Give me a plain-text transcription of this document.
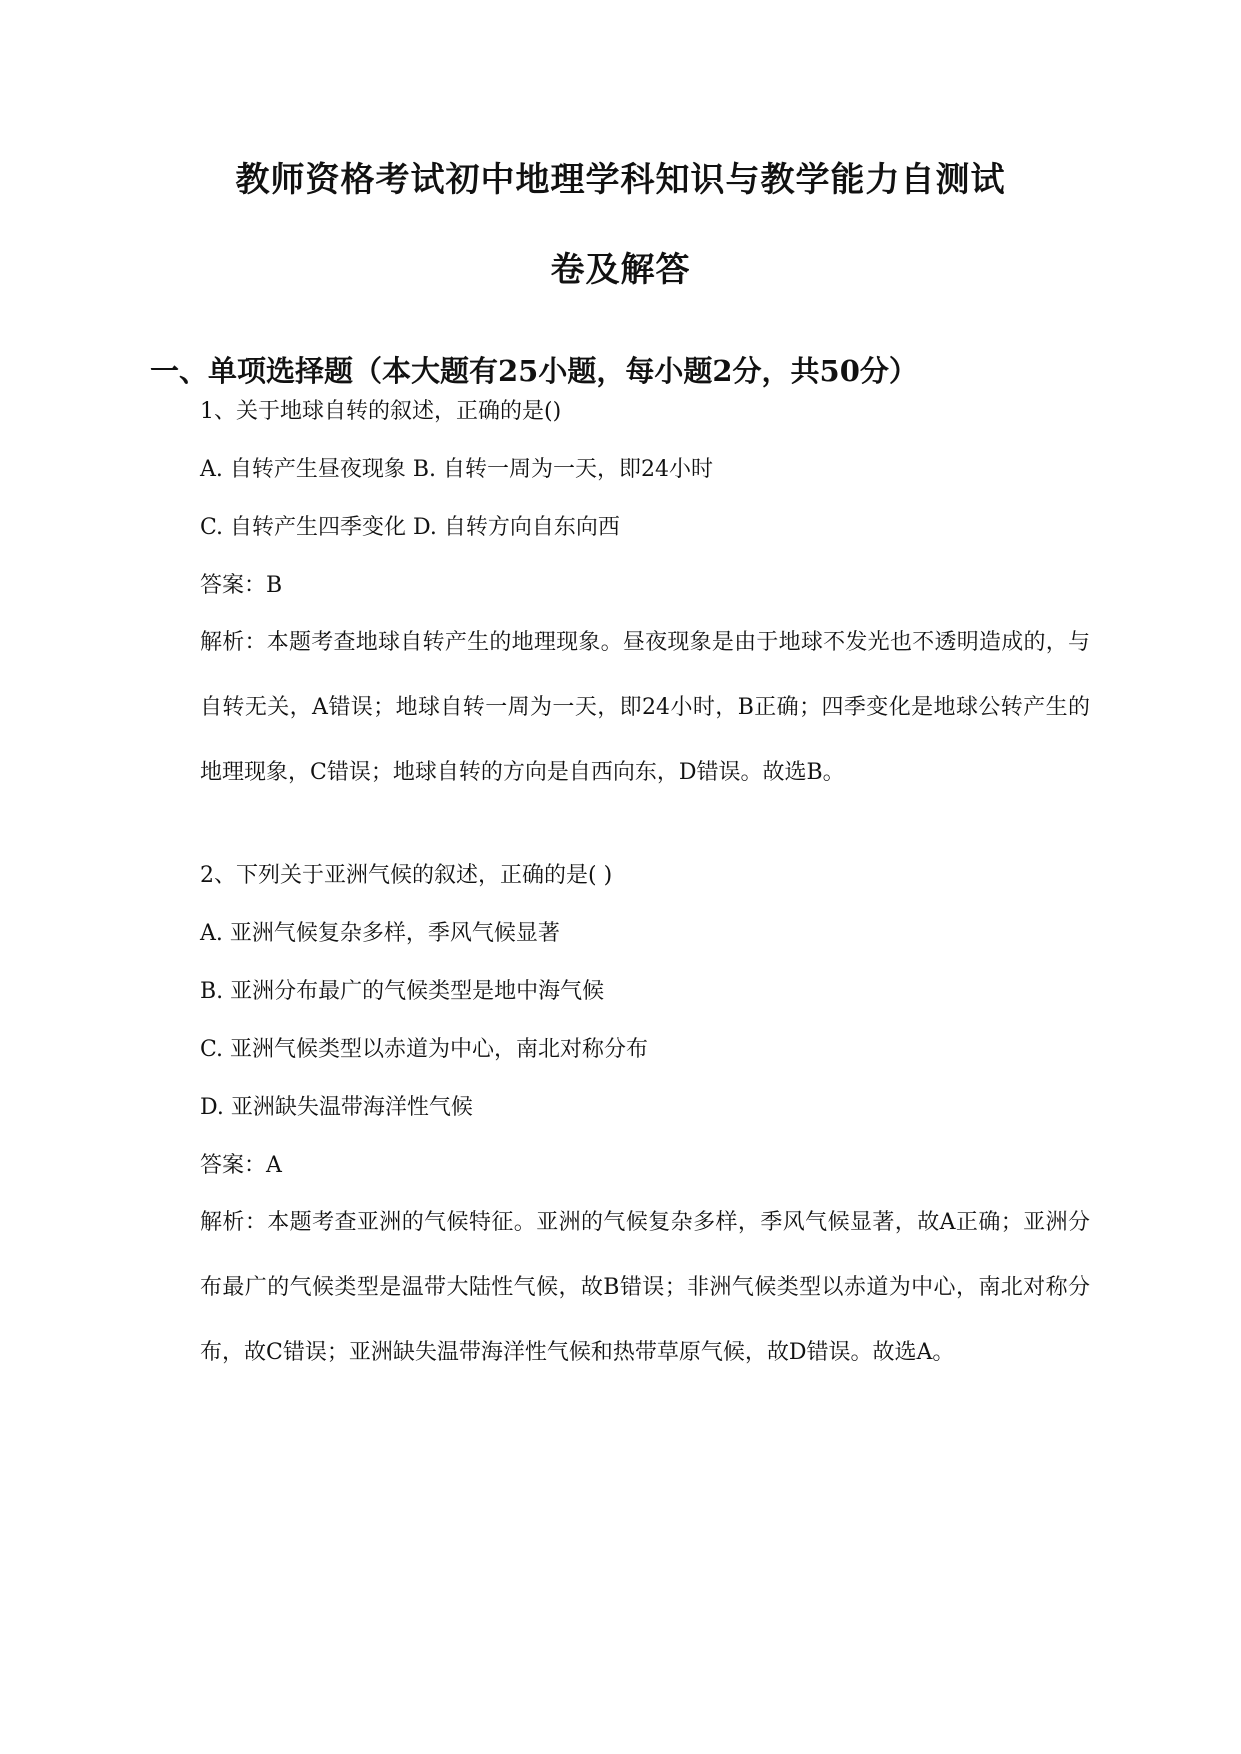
教师资格考试初中地理学科知识与教学能力自测试
卷及解答
一、单项选择题（本大题有25小题，每小题2分，共50分）
1、关于地球自转的叙述，正确的是()
A. 自转产生昼夜现象 B. 自转一周为一天，即24小时
C. 自转产生四季变化 D. 自转方向自东向西
答案：B
解析：本题考查地球自转产生的地理现象。昼夜现象是由于地球不发光也不透明造成的，与自转无关，A错误；地球自转一周为一天，即24小时，B正确；四季变化是地球公转产生的地理现象，C错误；地球自转的方向是自西向东，D错误。故选B。
2、下列关于亚洲气候的叙述，正确的是( )
A. 亚洲气候复杂多样，季风气候显著
B. 亚洲分布最广的气候类型是地中海气候
C. 亚洲气候类型以赤道为中心，南北对称分布
D. 亚洲缺失温带海洋性气候
答案：A
解析：本题考查亚洲的气候特征。亚洲的气候复杂多样，季风气候显著，故A正确；亚洲分布最广的气候类型是温带大陆性气候，故B错误；非洲气候类型以赤道为中心，南北对称分布，故C错误；亚洲缺失温带海洋性气候和热带草原气候，故D错误。故选A。
